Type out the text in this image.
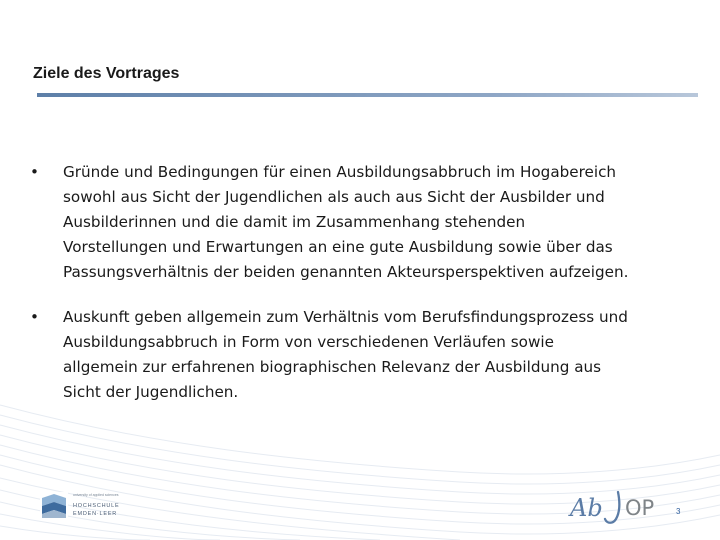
Ziele des Vortrages
• Gründe und Bedingungen für einen Ausbildungsabbruch im Hogabereich
sowohl aus Sicht der Jugendlichen als auch aus Sicht der Ausbilder und
Ausbilderinnen und die damit im Zusammenhang stehenden
Vorstellungen und Erwartungen an eine gute Ausbildung sowie über das
Passungsverhältnis der beiden genannten Akteursperspektiven aufzeigen.
• Auskunft geben allgemein zum Verhältnis vom Berufsfindungsprozess und
Ausbildungsabbruch in Form von verschiedenen Verläufen sowie
allgemein zur erfahrenen biographischen Relevanz der Ausbildung aus
Sicht der Jugendlichen.
university of applied sciences
HOCHSCHULE
EMDEN·LEER	Ab OP	3
